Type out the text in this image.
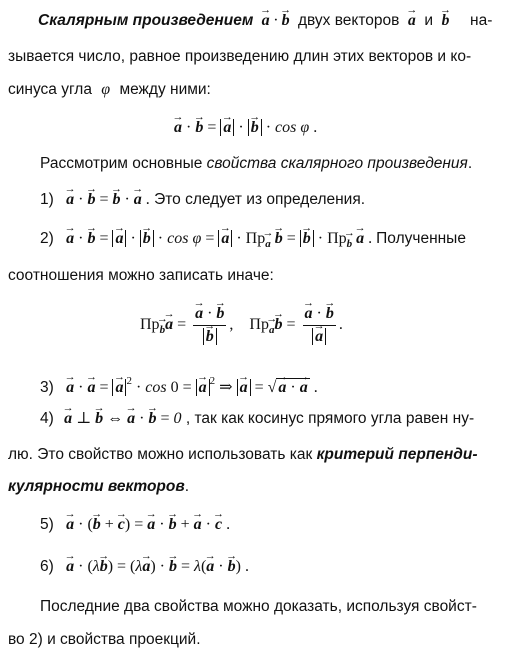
Скалярным произведением → a · → b двух векторов → a и → b на-
зывается число, равное произведению длин этих векторов и ко-
синуса угла φ между ними:
→ a · → b = → a · → b · cos φ .
Рассмотрим основные свойства скалярного произведения.
1) → a · → b = → b · → a . Это следует из определения.
2) → a · → b = → a · → b · cos φ = → a · Пр→ $_a$ → b = → b · Пр→ $_b$ → a . Полученные
соотношения можно записать иначе:
Пр→ $_b$→ a = → a · → b
→ b ,    Пр→ $_a$→ b = → a · → b
→ a .
3) → a · → a = → a $^2$ · cos 0 = → a $^2$ ⇒ → a = √ → a · → a .
4) → a ⊥ → b ⇔ → a · → b = 0 , так как косинус прямого угла равен ну-
лю. Это свойство можно использовать как критерий перпенди-
кулярности векторов.
5) → a · (→ b + → c) = → a · → b + → a · → c .
6) → a · (λ→ b) = (λ→ a) · → b = λ(→ a · → b) .
Последние два свойства можно доказать, используя свойст-
во 2) и свойства проекций.
